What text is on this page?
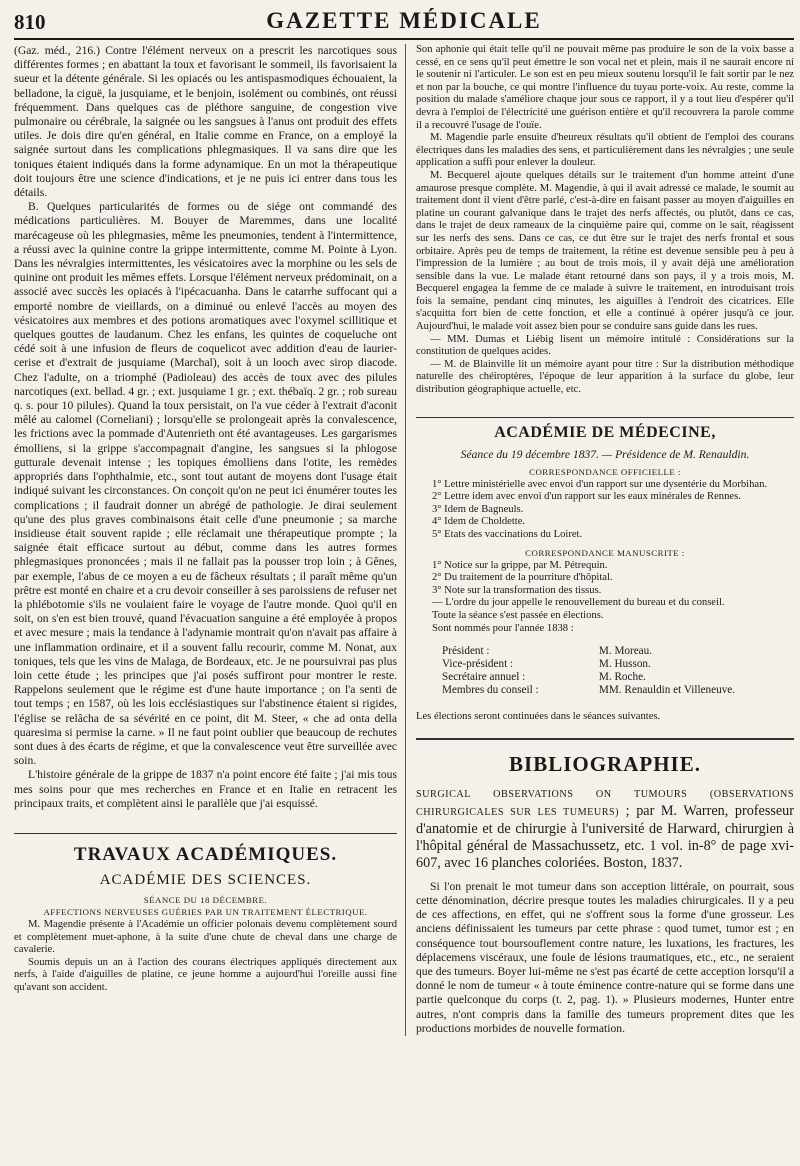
810	GAZETTE MÉDICALE

(Gaz. méd., 216.) Contre l'élément nerveux on a prescrit les narcotiques sous différentes formes ; en abattant la toux et favorisant le sommeil, ils favorisaient la sueur et la détente générale. Si les opiacés ou les antispasmodiques échouaient, la belladone, la ciguë, la jusquiame, et le benjoin, isolément ou combinés, ont réussi fréquemment. Dans quelques cas de pléthore sanguine, de congestion vive pulmonaire ou cérébrale, la saignée ou les sangsues à l'anus ont produit des effets utiles. Je dois dire qu'en général, en Italie comme en France, on a employé la saignée surtout dans les complications phlegmasiques. Il va sans dire que les toniques étaient indiqués dans la forme adynamique. En un mot la thérapeutique doit toujours être une science d'indications, et je ne puis ici entrer dans tous les détails.

B. Quelques particularités de formes ou de siége ont commandé des médications particulières. M. Bouyer de Maremmes, dans une localité marécageuse où les phlegmasies, même les pneumonies, tendent à l'intermittence, a réussi avec la quinine contre la grippe intermittente, comme M. Pointe à Lyon. Dans les névralgies intermittentes, les vésicatoires avec la morphine ou les sels de quinine ont produit les mêmes effets. Lorsque l'élément nerveux prédominait, on a associé avec succès les opiacés à l'ipécacuanha. Dans le catarrhe suffocant qui a emporté nombre de vieillards, on a diminué ou enlevé l'accès au moyen des vésicatoires aux membres et des potions aromatiques avec l'oxymel scillitique et quelques gouttes de laudanum. Chez les enfans, les quintes de coqueluche ont cédé soit à une infusion de fleurs de coquelicot avec addition d'eau de laurier-cerise et d'extrait de jusquiame (Marchal), soit à un looch avec sirop diacode. Chez l'adulte, on a triomphé (Padioleau) des accès de toux avec des pilules narcotiques (ext. bellad. 4 gr. ; ext. jusquiame 1 gr. ; ext. thébaïq. 2 gr. ; rob sureau q. s. pour 10 pilules). Quand la toux persistait, on l'a vue céder à l'extrait d'aconit mêlé au calomel (Corneliani) ; lorsqu'elle se prolongeait après la convalescence, les frictions avec la pommade d'Autenrieth ont été avantageuses. Les gargarismes émolliens, si la grippe s'accompagnait d'angine, les sangsues si la phlogose gutturale devenait intense ; les topiques émolliens dans l'otite, les remèdes appropriés dans l'ophthalmie, etc., sont tout autant de moyens dont l'usage était indiqué suivant les circonstances. On conçoit qu'on ne peut ici énumérer toutes les complications ; il faudrait donner un abrégé de pathologie. Je dirai seulement qu'une des plus graves combinaisons était celle d'une pneumonie ; sa marche insidieuse était souvent rapide ; elle réclamait une thérapeutique prompte ; la saignée était efficace surtout au début, comme dans les autres formes phlegmasiques prononcées ; mais il ne fallait pas la pousser trop loin ; à Gênes, par exemple, l'abus de ce moyen a eu de fâcheux résultats ; il paraît même qu'un prêtre est monté en chaire et a cru devoir conseiller à ses paroissiens de refuser net la phlébotomie s'ils ne voulaient faire le voyage de l'autre monde. Quoi qu'il en soit, on s'en est bien trouvé, quand l'évacuation sanguine a été employée à propos et avec mesure ; mais la tendance à l'adynamie montrait qu'on n'avait pas affaire à une inflammation ordinaire, et il a souvent fallu recourir, comme M. Nonat, aux toniques, tels que les vins de Malaga, de Bordeaux, etc. Je ne poursuivrai pas plus loin cette étude ; les principes que j'ai posés suffiront pour montrer le reste. Rappelons seulement que le régime est d'une haute importance ; on l'a senti de tout temps ; en 1587, où les lois ecclésiastiques sur l'abstinence étaient si rigides, l'église se relâcha de sa sévérité en ce point, dit M. Steer, « che ad onta della quaresima si permise la carne. » Il ne faut point oublier que beaucoup de rechutes sont dues à des écarts de régime, et que la convalescence veut être surveillée avec soin.

L'histoire générale de la grippe de 1837 n'a point encore été faite ; j'ai mis tous mes soins pour que mes recherches en France et en Italie en retracent les principaux traits, et complètent ainsi le parallèle que j'ai esquissé.

TRAVAUX ACADÉMIQUES.
ACADÉMIE DES SCIENCES.
SÉANCE DU 18 DÉCEMBRE.
AFFECTIONS NERVEUSES GUÉRIES PAR UN TRAITEMENT ÉLECTRIQUE.

M. Magendie présente à l'Académie un officier polonais devenu complètement sourd et complètement muet-aphone, à la suite d'une chute de cheval dans une charge de cavalerie.

Soumis depuis un an à l'action des courans électriques appliqués directement aux nerfs, à l'aide d'aiguilles de platine, ce jeune homme a aujourd'hui l'oreille aussi fine qu'avant son accident.

Son aphonie qui était telle qu'il ne pouvait même pas produire le son de la voix basse a cessé, en ce sens qu'il peut émettre le son vocal net et plein, mais il ne saurait encore ni le soutenir ni l'articuler. Le son est en peu mieux soutenu lorsqu'il le fait sortir par le nez et non par la bouche, ce qui montre l'influence du tuyau porte-voix. Au reste, comme la position du malade s'améliore chaque jour sous ce rapport, il y a tout lieu d'espérer qu'il devra à l'emploi de l'électricité une guérison entière et qu'il recouvrera la parole comme il a recouvré l'usage de l'ouïe.

M. Magendie parle ensuite d'heureux résultats qu'il obtient de l'emploi des courans électriques dans les maladies des sens, et particulièrement dans les névralgies ; une seule application a suffi pour enlever la douleur.

M. Becquerel ajoute quelques détails sur le traitement d'un homme atteint d'une amaurose presque complète. M. Magendie, à qui il avait adressé ce malade, le soumit au traitement dont il vient d'être parlé, c'est-à-dire en faisant passer au moyen d'aiguilles en platine un courant galvanique dans le trajet des nerfs affectés, ou plutôt, dans ce cas, dans le trajet de deux rameaux de la cinquième paire qui, comme on le sait, réagissent sur les nerfs des sens. Dans ce cas, ce dut être sur le trajet des nerfs frontal et sous orbitaire. Après peu de temps de traitement, la rétine est devenue sensible peu à peu à l'impression de la lumière ; au bout de trois mois, il y avait déjà une amélioration sensible dans la vue. Le malade étant retourné dans son pays, il y a trois mois, M. Becquerel engagea la femme de ce malade à suivre le traitement, en introduisant trois fois la semaine, pendant cinq minutes, les aiguilles à l'endroit des cicatrices. Elle s'acquitta fort bien de cette fonction, et elle a continué à opérer jusqu'à ce jour. Aujourd'hui, le malade voit assez bien pour se conduire sans guide dans les rues.

— MM. Dumas et Liébig lisent un mémoire intitulé : Considérations sur la constitution de quelques acides.

— M. de Blainville lit un mémoire ayant pour titre : Sur la distribution méthodique naturelle des chéiroptères, l'époque de leur apparition à la surface du globe, leur distribution géographique actuelle, etc.

ACADÉMIE DE MÉDECINE,
Séance du 19 décembre 1837. — Présidence de M. Renauldin.
CORRESPONDANCE OFFICIELLE :

1° Lettre ministérielle avec envoi d'un rapport sur une dysentérie du Morbihan.

2° Lettre idem avec envoi d'un rapport sur les eaux minérales de Rennes.

3° Idem de Bagneuls.

4° Idem de Choldette.

5° Etats des vaccinations du Loiret.

CORRESPONDANCE MANUSCRITE :

1° Notice sur la grippe, par M. Pétrequin.

2° Du traitement de la pourriture d'hôpital.

3° Note sur la transformation des tissus.

— L'ordre du jour appelle le renouvellement du bureau et du conseil.

Toute la séance s'est passée en élections.

Sont nommés pour l'année 1838 :

Président :	M. Moreau.
Vice-président :	M. Husson.
Secrétaire annuel :	M. Roche.
Membres du conseil :	MM. Renauldin et Villeneuve.

Les élections seront continuées dans le séances suivantes.

BIBLIOGRAPHIE.

SURGICAL OBSERVATIONS ON TUMOURS (OBSERVATIONS CHIRURGICALES SUR LES TUMEURS) ; par M. Warren, professeur d'anatomie et de chirurgie à l'université de Harward, chirurgien à l'hôpital général de Massachussetz, etc. 1 vol. in-8° de page xvi-607, avec 16 planches coloriées. Boston, 1837.

Si l'on prenait le mot tumeur dans son acception littérale, on pourrait, sous cette dénomination, décrire presque toutes les maladies chirurgicales. Il y a peu de ces affections, en effet, qui ne s'offrent sous la forme d'une grosseur. Les anciens définissaient les tumeurs par cette phrase : quod tumet, tumor est ; en conséquence tout boursouflement contre nature, les luxations, les fractures, les déplacemens viscéraux, une foule de lésions traumatiques, etc., etc., ne seraient que des tumeurs. Boyer lui-même ne s'est pas écarté de cette acception lorsqu'il a donné le nom de tumeur « à toute éminence contre-nature qui se forme dans une partie quelconque du corps (t. 2, pag. 1). » Plusieurs modernes, Hunter entre autres, n'ont compris dans la famille des tumeurs proprement dites que les productions morbides de nouvelle formation.
